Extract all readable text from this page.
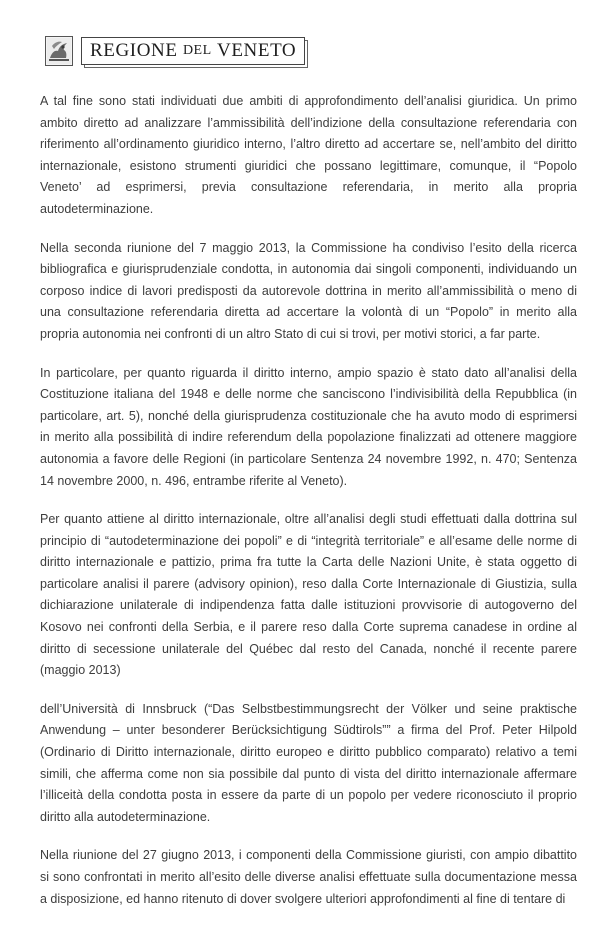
REGIONE
DEL
VENETO

A tal fine sono stati individuati due ambiti di approfondimento dell’analisi giuridica. Un primo ambito diretto ad analizzare l’ammissibilità dell’indizione della consultazione referendaria con riferimento all’ordinamento giuridico interno, l’altro diretto ad accertare se, nell’ambito del diritto internazionale, esistono strumenti giuridici che possano legittimare, comunque, il “Popolo Veneto’ ad esprimersi, previa consultazione referendaria, in merito alla propria autodeterminazione.

Nella seconda riunione del 7 maggio 2013, la Commissione ha condiviso l’esito della ricerca bibliografica e giurisprudenziale condotta, in autonomia dai singoli componenti, individuando un corposo indice di lavori predisposti da autorevole dottrina in merito all’ammissibilità o meno di una consultazione referendaria diretta ad accertare la volontà di un “Popolo” in merito alla propria autonomia nei confronti di un altro Stato di cui si trovi, per motivi storici, a far parte.

In particolare, per quanto riguarda il diritto interno, ampio spazio è stato dato all’analisi della Costituzione italiana del 1948 e delle norme che sanciscono l’indivisibilità della Repubblica (in particolare, art. 5), nonché della giurisprudenza costituzionale che ha avuto modo di esprimersi in merito alla possibilità di indire referendum della popolazione finalizzati ad ottenere maggiore autonomia a favore delle Regioni (in particolare Sentenza 24 novembre 1992, n. 470; Sentenza 14 novembre 2000, n. 496, entrambe riferite al Veneto).

Per quanto attiene al diritto internazionale, oltre all’analisi degli studi effettuati dalla dottrina sul principio di “autodeterminazione dei popoli” e di “integrità territoriale” e all’esame delle norme di diritto internazionale e pattizio, prima fra tutte la Carta delle Nazioni Unite, è stata oggetto di particolare analisi il parere (advisory opinion), reso dalla Corte Internazionale di Giustizia, sulla dichiarazione unilaterale di indipendenza fatta dalle istituzioni provvisorie di autogoverno del Kosovo nei confronti della Serbia, e il parere reso dalla Corte suprema canadese in ordine al diritto di secessione unilaterale del Québec dal resto del Canada, nonché il recente parere (maggio 2013)

dell’Università di Innsbruck (“Das Selbstbestimmungsrecht der Völker und seine praktische Anwendung – unter besonderer Berücksichtigung Südtirols”” a firma del Prof. Peter Hilpold (Ordinario di Diritto internazionale, diritto europeo e diritto pubblico comparato) relativo a temi simili, che afferma come non sia possibile dal punto di vista del diritto internazionale affermare l’illiceità della condotta posta in essere da parte di un popolo per vedere riconosciuto il proprio diritto alla autodeterminazione.

Nella riunione del 27 giugno 2013, i componenti della Commissione giuristi, con ampio dibattito si sono confrontati in merito all’esito delle diverse analisi effettuate sulla documentazione messa a disposizione, ed hanno ritenuto di dover svolgere ulteriori approfondimenti al fine di tentare di
